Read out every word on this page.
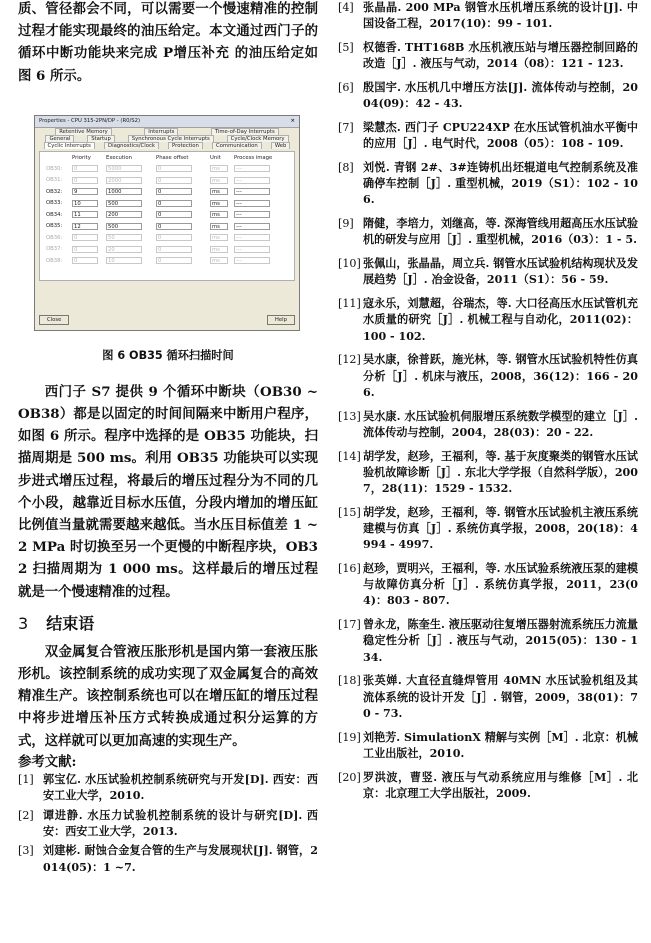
质、管径都会不同，可以需要一个慢速精准的控制过程才能实现最终的油压给定。本文通过西门子的循环中断功能块来完成 P增压补充 的油压给定如图 6 所示。

Properties - CPU 315-2PN/DP - (R0/S2)	×
Retentive Memory	Interrupts	Time-of-Day Interrupts
General	Startup	Synchronous Cycle Interrupts	Cycle/Clock Memory
Cyclic Interrupts	Diagnostics/Clock	Protection	Communication	Web
Priority	Execution	Phase offset	Unit	Process image
OB30:	0	5000	0	ms	---
OB31:	0	2000	0	ms	---
OB32:	9	1000	0	ms	---
OB33:	10	500	0	ms	---
OB34:	11	200	0	ms	---
OB35:	12	500	0	ms	---
OB36:	0	50	0	ms	---
OB37:	0	20	0	ms	---
OB38:	0	10	0	ms	---
Close	Help

图 6 OB35 循环扫描时间

西门子 S7 提供 9 个循环中断块（OB30 ~ OB38）都是以固定的时间间隔来中断用户程序，如图 6 所示。程序中选择的是 OB35 功能块，扫描周期是 500 ms。利用 OB35 功能块可以实现步进式增压过程，将最后的增压过程分为不同的几个小段，越靠近目标水压值，分段内增加的增压缸比例值当量就需要越来越低。当水压目标值差 1 ~ 2 MPa 时切换至另一个更慢的中断程序块，OB32 扫描周期为 1 000 ms。这样最后的增压过程就是一个慢速精准的过程。

3 结束语

双金属复合管液压胀形机是国内第一套液压胀形机。该控制系统的成功实现了双金属复合的高效精准生产。该控制系统也可以在增压缸的增压过程中将步进增压补压方式转换成通过积分运算的方式，这样就可以更加高速的实现生产。

参考文献:

[1] 郭宝亿. 水压试验机控制系统研究与开发[D]. 西安：西安工业大学，2010.
[2] 谭进静. 水压力试验机控制系统的设计与研究[D]. 西安：西安工业大学，2013.
[3] 刘建彬. 耐蚀合金复合管的生产与发展现状[J]. 钢管，2014(05)：1 ~7.
[4] 张晶晶. 200 MPa 钢管水压机增压系统的设计[J]. 中国设备工程，2017(10)：99 - 101.
[5] 权德香. THT168B 水压机液压站与增压器控制回路的改造［J］. 液压与气动，2014（08）：121 - 123.
[6] 殷国宇. 水压机几中增压方法[J]. 流体传动与控制，2004(09)：42 - 43.
[7] 梁慧杰. 西门子 CPU224XP 在水压试管机油水平衡中的应用［J］. 电气时代，2008（05）：108 - 109.
[8] 刘悦. 青钢 2#、3#连铸机出坯辊道电气控制系统及准确停车控制［J］. 重型机械，2019（S1）：102 - 106.
[9] 隋健，李培力，刘继高，等. 深海管线用超高压水压试验机的研发与应用［J］. 重型机械，2016（03）：1 - 5.
[10] 张佩山，张晶晶，周立兵. 钢管水压试验机结构现状及发展趋势［J］. 冶金设备，2011（S1）：56 - 59.
[11] 寇永乐，刘慧超，谷瑞杰，等. 大口径高压水压试管机充水质量的研究［J］. 机械工程与自动化，2011(02)：100 - 102.
[12] 吴水康，徐普跃，施光林，等. 钢管水压试验机特性仿真分析［J］. 机床与液压，2008，36(12)：166 - 206.
[13] 吴水康. 水压试验机伺服增压系统数学模型的建立［J］. 流体传动与控制，2004，28(03)：20 - 22.
[14] 胡学发，赵珍，王福利，等. 基于灰度聚类的钢管水压试验机故障诊断［J］. 东北大学学报（自然科学版），2007，28(11)：1529 - 1532.
[15] 胡学发，赵珍，王福利，等. 钢管水压试验机主液压系统建模与仿真［J］. 系统仿真学报，2008，20(18)：4994 - 4997.
[16] 赵珍，贾明兴，王福利，等. 水压试验系统液压泵的建模与故障仿真分析［J］. 系统仿真学报，2011，23(04)：803 - 807.
[17] 曾永龙，陈奎生. 液压驱动往复增压器射流系统压力流量稳定性分析［J］. 液压与气动，2015(05)：130 - 134.
[18] 张英婵. 大直径直缝焊管用 40MN 水压试验机组及其流体系统的设计开发［J］. 钢管，2009，38(01)：70 - 73.
[19] 刘艳芳. SimulationX 精解与实例［M］. 北京：机械工业出版社，2010.
[20] 罗洪波，曹竖. 液压与气动系统应用与维修［M］. 北京：北京理工大学出版社，2009.
